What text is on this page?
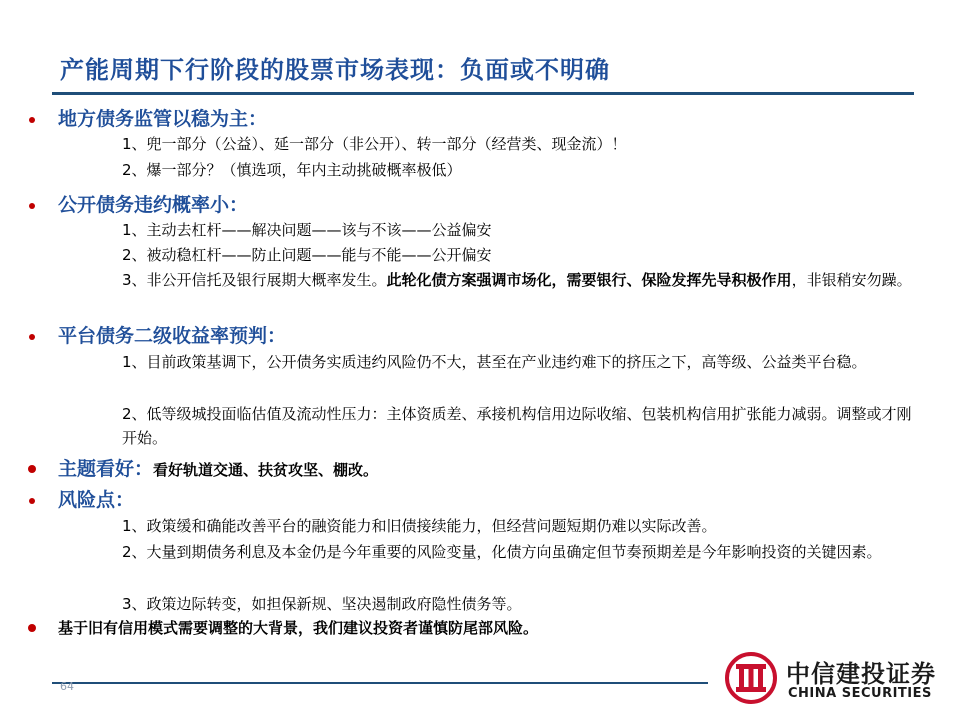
产能周期下行阶段的股票市场表现：负面或不明确
地方债务监管以稳为主：
1、兜一部分（公益）、延一部分（非公开）、转一部分（经营类、现金流）！
2、爆一部分？（慎选项，年内主动挑破概率极低）
公开债务违约概率小：
1、主动去杠杆——解决问题——该与不该——公益偏安
2、被动稳杠杆——防止问题——能与不能——公开偏安
3、非公开信托及银行展期大概率发生。此轮化债方案强调市场化，需要银行、保险发挥先导积极作用，非银稍安勿躁。
平台债务二级收益率预判：
1、目前政策基调下，公开债务实质违约风险仍不大，甚至在产业违约难下的挤压之下，高等级、公益类平台稳。
2、低等级城投面临估值及流动性压力：主体资质差、承接机构信用边际收缩、包装机构信用扩张能力减弱。调整或才刚开始。
主题看好：看好轨道交通、扶贫攻坚、棚改。
风险点：
1、政策缓和确能改善平台的融资能力和旧债接续能力，但经营问题短期仍难以实际改善。
2、大量到期债务利息及本金仍是今年重要的风险变量，化债方向虽确定但节奏预期差是今年影响投资的关键因素。
3、政策边际转变，如担保新规、坚决遏制政府隐性债务等。
基于旧有信用模式需要调整的大背景，我们建议投资者谨慎防尾部风险。
64	中信建投证券
CHINA SECURITIES
